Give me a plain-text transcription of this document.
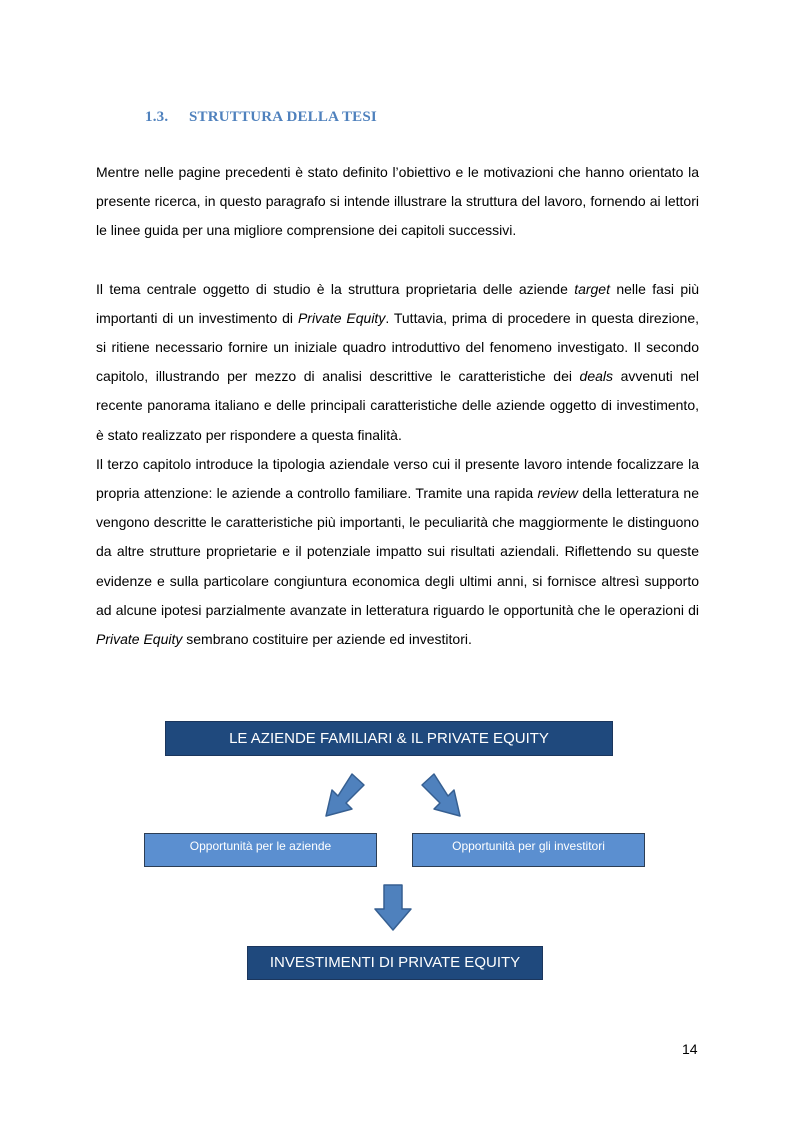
1.3. STRUTTURA DELLA TESI

Mentre nelle pagine precedenti è stato definito l’obiettivo e le motivazioni che hanno orientato la presente ricerca, in questo paragrafo si intende illustrare la struttura del lavoro, fornendo ai lettori le linee guida per una migliore comprensione dei capitoli successivi.

Il tema centrale oggetto di studio è la struttura proprietaria delle aziende target nelle fasi più importanti di un investimento di Private Equity. Tuttavia, prima di procedere in questa direzione, si ritiene necessario fornire un iniziale quadro introduttivo del fenomeno investigato. Il secondo capitolo, illustrando per mezzo di analisi descrittive le caratteristiche dei deals avvenuti nel recente panorama italiano e delle principali caratteristiche delle aziende oggetto di investimento, è stato realizzato per rispondere a questa finalità.

Il terzo capitolo introduce la tipologia aziendale verso cui il presente lavoro intende focalizzare la propria attenzione: le aziende a controllo familiare. Tramite una rapida review della letteratura ne vengono descritte le caratteristiche più importanti, le peculiarità che maggiormente le distinguono da altre strutture proprietarie e il potenziale impatto sui risultati aziendali. Riflettendo su queste evidenze e sulla particolare congiuntura economica degli ultimi anni, si fornisce altresì supporto ad alcune ipotesi parzialmente avanzate in letteratura riguardo le opportunità che le operazioni di Private Equity sembrano costituire per aziende ed investitori.

LE AZIENDE FAMILIARI & IL PRIVATE EQUITY
Opportunità per le aziende	Opportunità per gli investitori
INVESTIMENTI DI PRIVATE EQUITY
14
